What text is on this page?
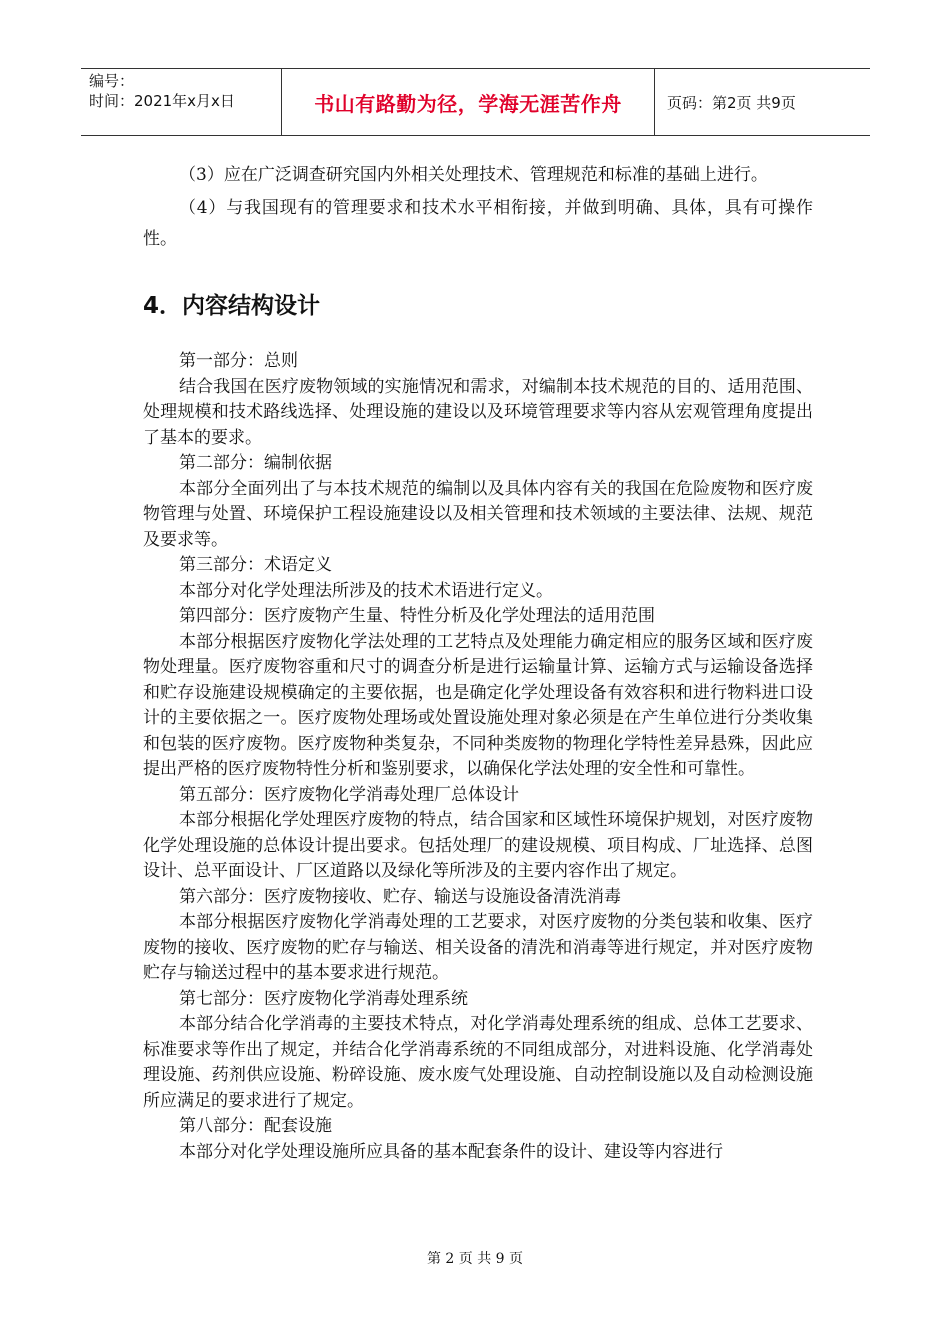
编号：
时间：2021年x月x日	书山有路勤为径，学海无涯苦作舟	页码：第2页 共9页

（3）应在广泛调查研究国内外相关处理技术、管理规范和标准的基础上进行。

（4）与我国现有的管理要求和技术水平相衔接，并做到明确、具体，具有可操作性。

4．内容结构设计

第一部分：总则

结合我国在医疗废物领域的实施情况和需求，对编制本技术规范的目的、适用范围、处理规模和技术路线选择、处理设施的建设以及环境管理要求等内容从宏观管理角度提出了基本的要求。

第二部分：编制依据

本部分全面列出了与本技术规范的编制以及具体内容有关的我国在危险废物和医疗废物管理与处置、环境保护工程设施建设以及相关管理和技术领域的主要法律、法规、规范及要求等。

第三部分：术语定义

本部分对化学处理法所涉及的技术术语进行定义。

第四部分：医疗废物产生量、特性分析及化学处理法的适用范围

本部分根据医疗废物化学法处理的工艺特点及处理能力确定相应的服务区域和医疗废物处理量。医疗废物容重和尺寸的调查分析是进行运输量计算、运输方式与运输设备选择和贮存设施建设规模确定的主要依据，也是确定化学处理设备有效容积和进行物料进口设计的主要依据之一。医疗废物处理场或处置设施处理对象必须是在产生单位进行分类收集和包装的医疗废物。医疗废物种类复杂，不同种类废物的物理化学特性差异悬殊，因此应提出严格的医疗废物特性分析和鉴别要求，以确保化学法处理的安全性和可靠性。

第五部分：医疗废物化学消毒处理厂总体设计

本部分根据化学处理医疗废物的特点，结合国家和区域性环境保护规划，对医疗废物化学处理设施的总体设计提出要求。包括处理厂的建设规模、项目构成、厂址选择、总图设计、总平面设计、厂区道路以及绿化等所涉及的主要内容作出了规定。

第六部分：医疗废物接收、贮存、输送与设施设备清洗消毒

本部分根据医疗废物化学消毒处理的工艺要求，对医疗废物的分类包装和收集、医疗废物的接收、医疗废物的贮存与输送、相关设备的清洗和消毒等进行规定，并对医疗废物贮存与输送过程中的基本要求进行规范。

第七部分：医疗废物化学消毒处理系统

本部分结合化学消毒的主要技术特点，对化学消毒处理系统的组成、总体工艺要求、标准要求等作出了规定，并结合化学消毒系统的不同组成部分，对进料设施、化学消毒处理设施、药剂供应设施、粉碎设施、废水废气处理设施、自动控制设施以及自动检测设施所应满足的要求进行了规定。

第八部分：配套设施

本部分对化学处理设施所应具备的基本配套条件的设计、建设等内容进行

第 2 页 共 9 页
